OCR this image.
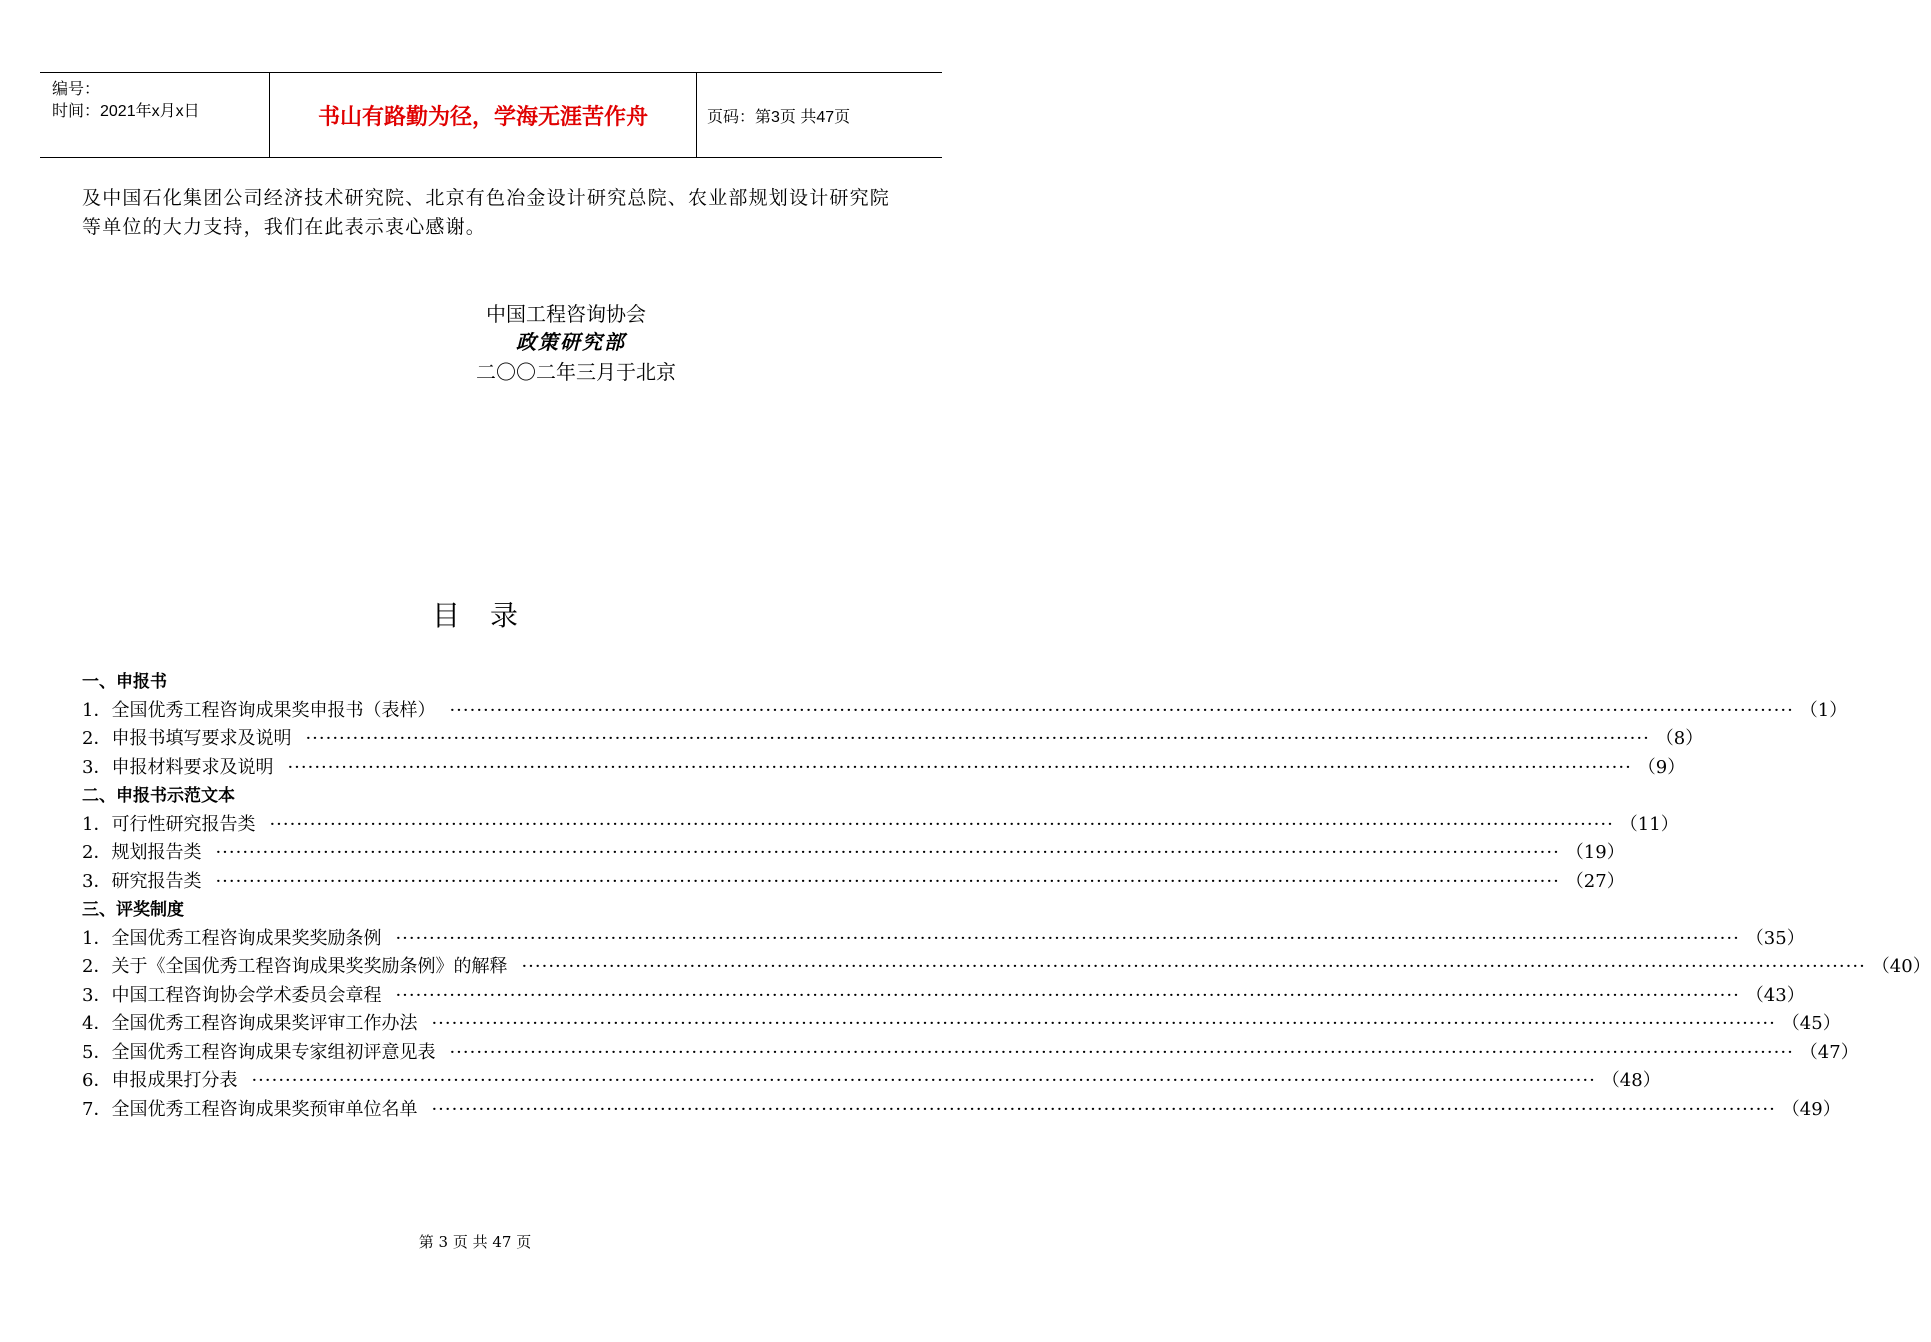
编号：
时间：2021年x月x日	书山有路勤为径，学海无涯苦作舟	页码：第3页 共47页
及中国石化集团公司经济技术研究院、北京有色冶金设计研究总院、农业部规划设计研究院等单位的大力支持，我们在此表示衷心感谢。
中国工程咨询协会
政策研究部
二〇〇二年三月于北京
目录
一、申报书
1． 全国优秀工程咨询成果奖申报书（表样） ········································································································································································································ （1）
2． 申报书填写要求及说明 ········································································································································································································ （8）
3． 申报材料要求及说明 ········································································································································································································ （9）
二、申报书示范文本
1． 可行性研究报告类 ········································································································································································································ （11）
2． 规划报告类 ········································································································································································································ （19）
3． 研究报告类 ········································································································································································································ （27）
三、评奖制度
1． 全国优秀工程咨询成果奖奖励条例 ········································································································································································································ （35）
2． 关于《全国优秀工程咨询成果奖奖励条例》的解释 ········································································································································································································ （40）
3． 中国工程咨询协会学术委员会章程 ········································································································································································································ （43）
4． 全国优秀工程咨询成果奖评审工作办法 ········································································································································································································ （45）
5． 全国优秀工程咨询成果专家组初评意见表 ········································································································································································································ （47）
6． 申报成果打分表 ········································································································································································································ （48）
7． 全国优秀工程咨询成果奖预审单位名单 ········································································································································································································ （49）
第 3 页 共 47 页
